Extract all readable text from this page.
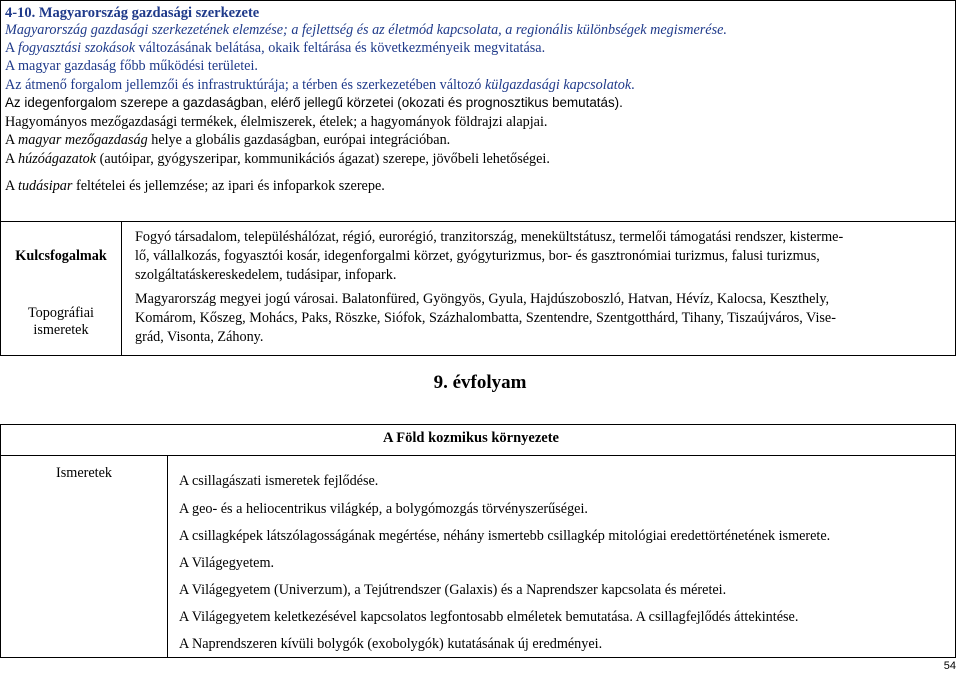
4-10. Magyarország gazdasági szerkezete
Magyarország gazdasági szerkezetének elemzése; a fejlettség és az életmód kapcsolata, a regionális különbségek megismerése.
A fogyasztási szokások változásának belátása, okaik feltárása és következményeik megvitatása.
A magyar gazdaság főbb működési területei.
Az átmenő forgalom jellemzői és infrastruktúrája; a térben és szerkezetében változó külgazdasági kapcsolatok.
Az idegenforgalom szerepe a gazdaságban, elérő jellegű körzetei (okozati és prognosztikus bemutatás).
Hagyományos mezőgazdasági termékek, élelmiszerek, ételek; a hagyományok földrajzi alapjai.
A magyar mezőgazdaság helye a globális gazdaságban, európai integrációban.
A húzóágazatok (autóipar, gyógyszeripar, kommunikációs ágazat) szerepe, jövőbeli lehetőségei.
A tudásipar feltételei és jellemzése; az ipari és infoparkok szerepe.
Kulcsfogalmak
Topográfiai
ismeretek
Fogyó társadalom, településhálózat, régió, eurorégió, tranzitország, menekültstátusz, termelői támogatási rendszer, kisterme-
lő, vállalkozás, fogyasztói kosár, idegenforgalmi körzet, gyógyturizmus, bor- és gasztronómiai turizmus, falusi turizmus,
szolgáltatáskereskedelem, tudásipar, infopark.
Magyarország megyei jogú városai. Balatonfüred, Gyöngyös, Gyula, Hajdúszoboszló, Hatvan, Hévíz, Kalocsa, Keszthely,
Komárom, Kőszeg, Mohács, Paks, Röszke, Siófok, Százhalombatta, Szentendre, Szentgotthárd, Tihany, Tiszaújváros, Vise-
grád, Visonta, Záhony.
9. évfolyam
A Föld kozmikus környezete
Ismeretek	A csillagászati ismeretek fejlődése.
A geo- és a heliocentrikus világkép, a bolygómozgás törvényszerűségei.
A csillagképek látszólagosságának megértése, néhány ismertebb csillagkép mitológiai eredettörténetének ismerete.
A Világegyetem.
A Világegyetem (Univerzum), a Tejútrendszer (Galaxis) és a Naprendszer kapcsolata és méretei.
A Világegyetem keletkezésével kapcsolatos legfontosabb elméletek bemutatása. A csillagfejlődés áttekintése.
A Naprendszeren kívüli bolygók (exobolygók) kutatásának új eredményei.
54
